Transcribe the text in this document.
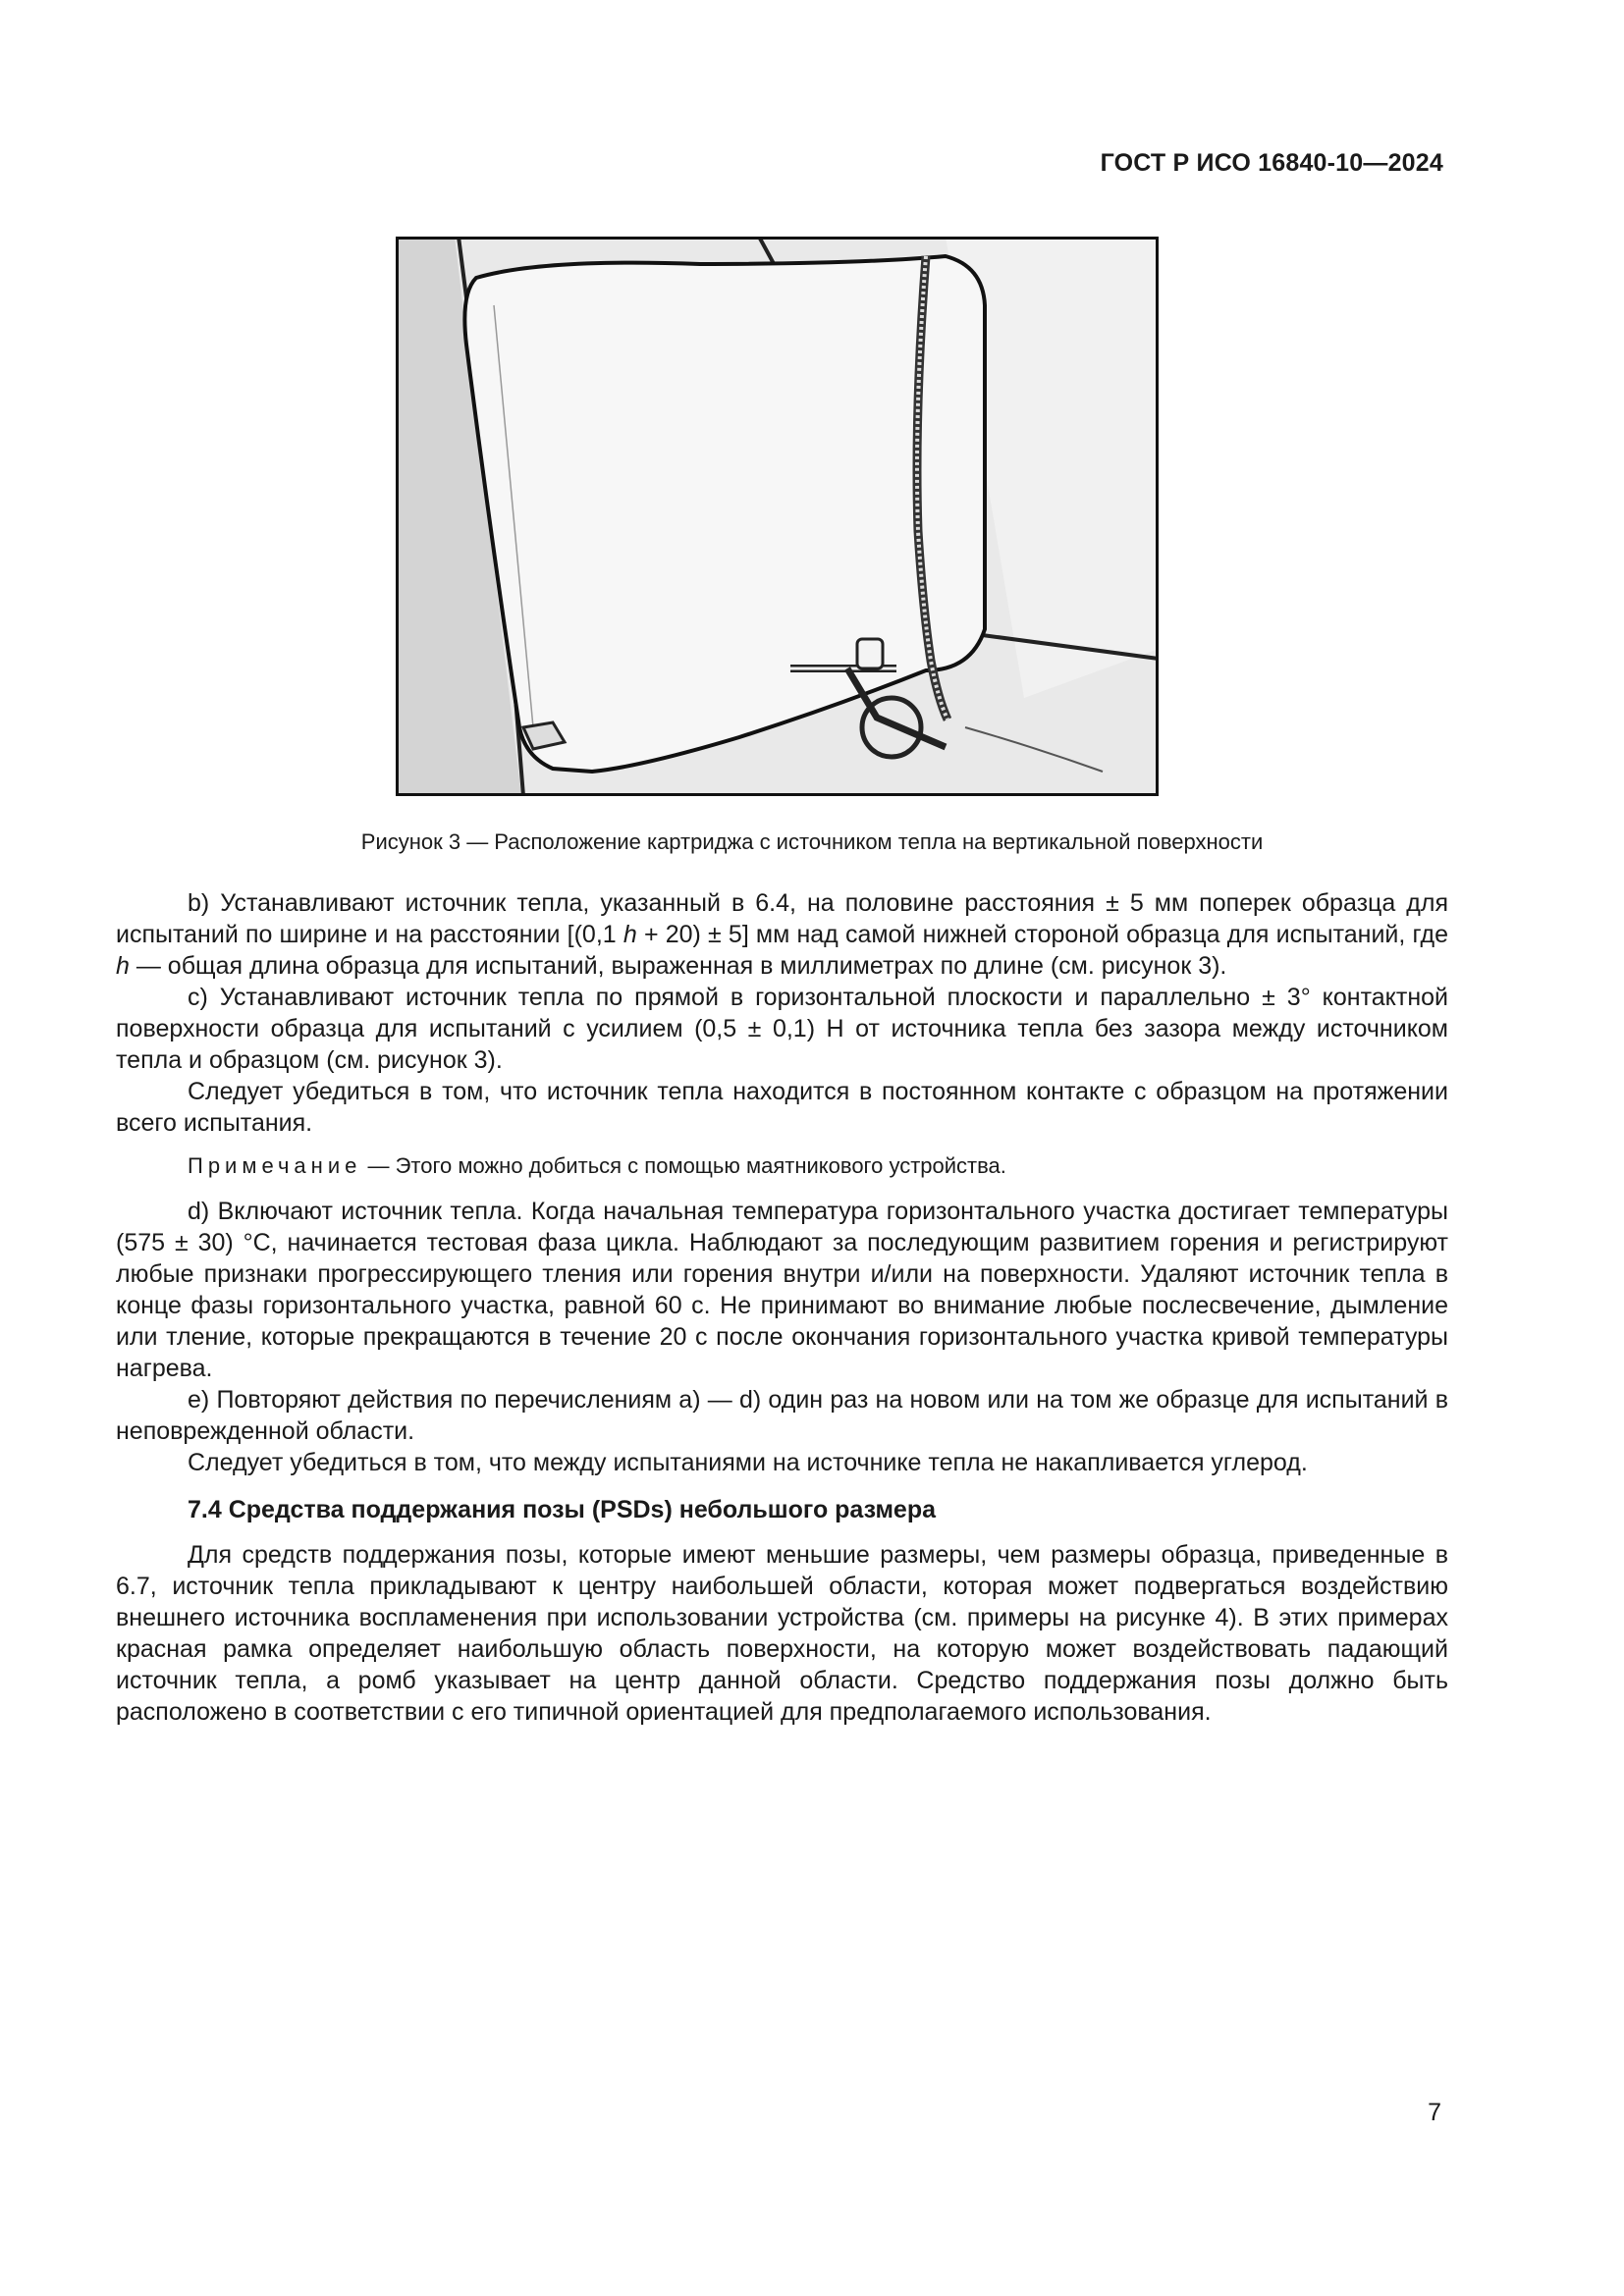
ГОСТ Р ИСО 16840-10—2024
Рисунок 3 — Расположение картриджа с источником тепла на вертикальной поверхности

b) Устанавливают источник тепла, указанный в 6.4, на половине расстояния ± 5 мм поперек образца для испытаний по ширине и на расстоянии [(0,1 h + 20) ± 5] мм над самой нижней стороной образца для испытаний, где h — общая длина образца для испытаний, выраженная в миллиметрах по длине (см. рисунок 3).

c) Устанавливают источник тепла по прямой в горизонтальной плоскости и параллельно ± 3° контактной поверхности образца для испытаний с усилием (0,5 ± 0,1) Н от источника тепла без зазора между источником тепла и образцом (см. рисунок 3).

Следует убедиться в том, что источник тепла находится в постоянном контакте с образцом на протяжении всего испытания.

Примечание — Этого можно добиться с помощью маятникового устройства.

d) Включают источник тепла. Когда начальная температура горизонтального участка достигает температуры (575 ± 30) °C, начинается тестовая фаза цикла. Наблюдают за последующим развитием горения и регистрируют любые признаки прогрессирующего тления или горения внутри и/или на поверхности. Удаляют источник тепла в конце фазы горизонтального участка, равной 60 с. Не принимают во внимание любые послесвечение, дымление или тление, которые прекращаются в течение 20 с после окончания горизонтального участка кривой температуры нагрева.

e) Повторяют действия по перечислениям a) — d) один раз на новом или на том же образце для испытаний в неповрежденной области.

Следует убедиться в том, что между испытаниями на источнике тепла не накапливается углерод.

7.4 Средства поддержания позы (PSDs) небольшого размера

Для средств поддержания позы, которые имеют меньшие размеры, чем размеры образца, приведенные в 6.7, источник тепла прикладывают к центру наибольшей области, которая может подвергаться воздействию внешнего источника воспламенения при использовании устройства (см. примеры на рисунке 4). В этих примерах красная рамка определяет наибольшую область поверхности, на которую может воздействовать падающий источник тепла, а ромб указывает на центр данной области. Средство поддержания позы должно быть расположено в соответствии с его типичной ориентацией для предполагаемого использования.

7
